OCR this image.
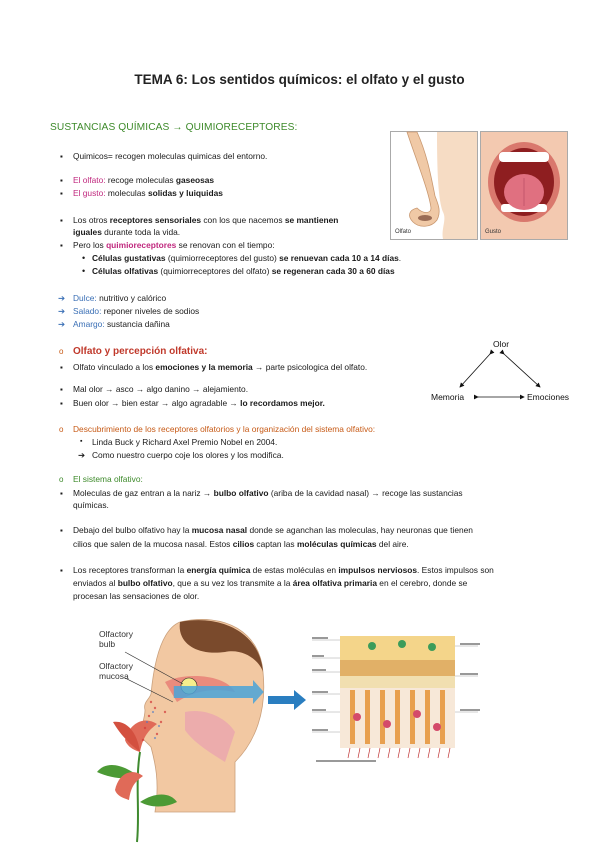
TEMA 6: Los sentidos químicos: el olfato y el gusto
SUSTANCIAS QUÍMICAS → QUIMIORECEPTORES:
▪
Quimicos= recogen moleculas quimicas del entorno.
▪
El olfato: recoge moleculas gaseosas
▪
El gusto: moleculas solidas y luiquidas
▪
Los otros receptores sensoriales con los que nacemos se mantienen
iguales durante toda la vida.
▪
Pero los quimioreceptores se renovan con el tiempo:
• Células gustativas (quimiorreceptores del gusto) se renuevan cada 10 a 14 días.
• Células olfativas (quimiorreceptores del olfato) se regeneran cada 30 a 60 días
➔ Dulce: nutritivo y calórico
➔ Salado: reponer niveles de sodios
➔ Amargo: sustancia dañina
Olfato	Gusto
o Olfato y percepción olfativa:
▪
Olfato vinculado a los emociones y la memoria → parte psicologica del olfato.
▪
Mal olor → asco → algo danino → alejamiento.
▪
Buen olor → bien estar → algo agradable → lo recordamos mejor.
Olor
Memoria	Emociones
o Descubrimiento de los receptores olfatorios y la organización del sistema olfativo:
▪ Linda Buck y Richard Axel Premio Nobel en 2004.
➔ Como nuestro cuerpo coje los olores y los modifica.
o El sistema olfativo:
▪
Moleculas de gaz entran a la nariz → bulbo olfativo (ariba de la cavidad nasal) → recoge las sustancias
químicas.
▪
Debajo del bulbo olfativo hay la mucosa nasal donde se aganchan las moleculas, hay neuronas que tienen
cilios que salen de la mucosa nasal. Estos cilios captan las moléculas químicas del aire.
▪
Los receptores transforman la energía química de estas moléculas en impulsos nerviosos. Estos impulsos son
enviados al bulbo olfativo, que a su vez los transmite a la área olfativa primaria en el cerebro, donde se
procesan las sensaciones de olor.
Olfactory
bulb
Olfactory
mucosa
